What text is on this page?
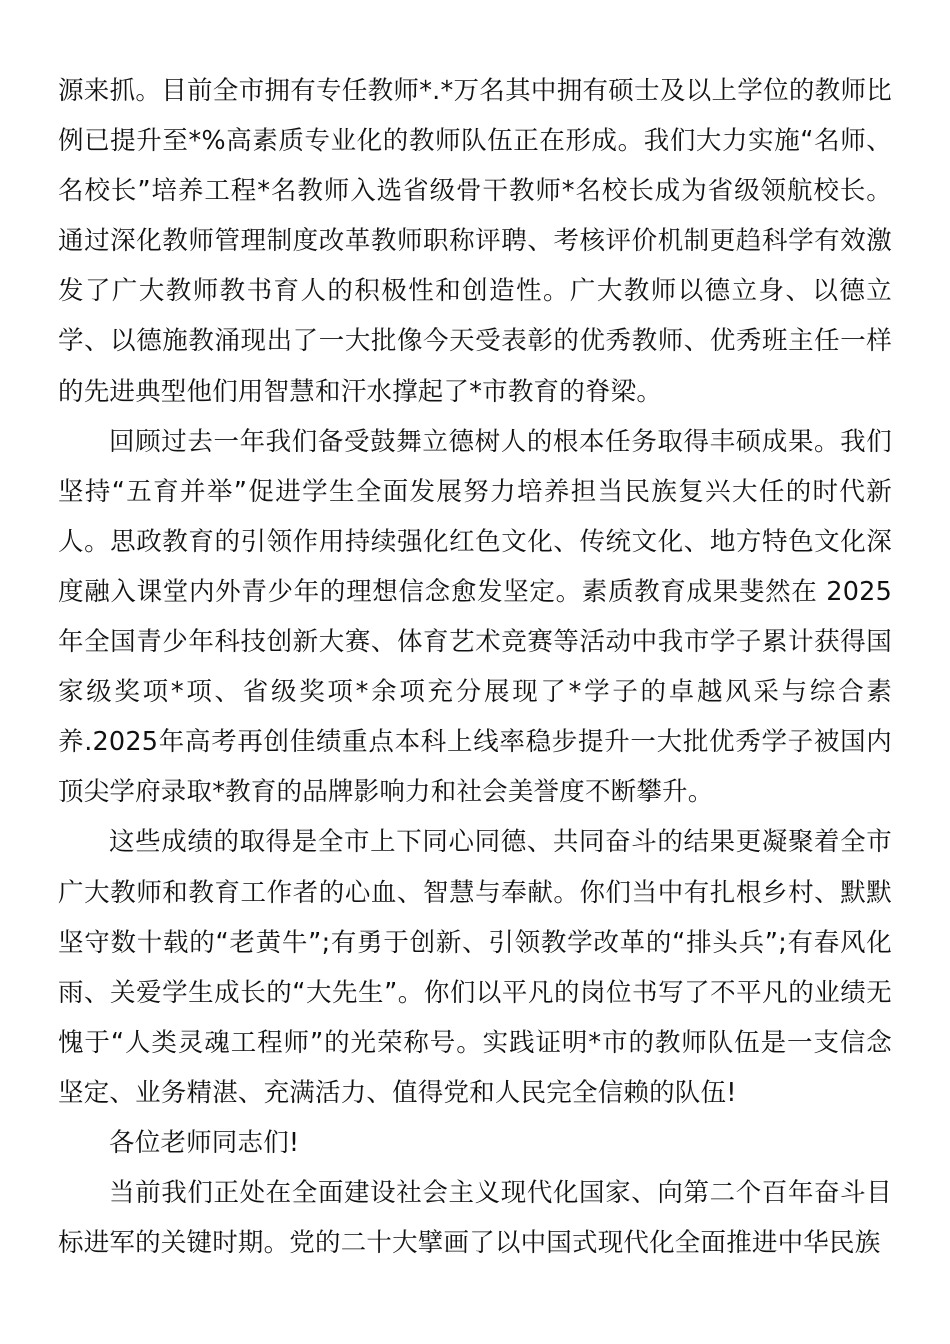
源来抓。目前全市拥有专任教师*.*万名其中拥有硕士及以上学位的教师比例已提升至*%高素质专业化的教师队伍正在形成。我们大力实施“名师、名校长”培养工程*名教师入选省级骨干教师*名校长成为省级领航校长。通过深化教师管理制度改革教师职称评聘、考核评价机制更趋科学有效激发了广大教师教书育人的积极性和创造性。广大教师以德立身、以德立学、以德施教涌现出了一大批像今天受表彰的优秀教师、优秀班主任一样的先进典型他们用智慧和汗水撑起了*市教育的脊梁。

回顾过去一年我们备受鼓舞立德树人的根本任务取得丰硕成果。我们坚持“五育并举”促进学生全面发展努力培养担当民族复兴大任的时代新人。思政教育的引领作用持续强化红色文化、传统文化、地方特色文化深度融入课堂内外青少年的理想信念愈发坚定。素质教育成果斐然在 2025 年全国青少年科技创新大赛、体育艺术竞赛等活动中我市学子累计获得国家级奖项*项、省级奖项*余项充分展现了*学子的卓越风采与综合素养.2025年高考再创佳绩重点本科上线率稳步提升一大批优秀学子被国内顶尖学府录取*教育的品牌影响力和社会美誉度不断攀升。

这些成绩的取得是全市上下同心同德、共同奋斗的结果更凝聚着全市广大教师和教育工作者的心血、智慧与奉献。你们当中有扎根乡村、默默坚守数十载的“老黄牛”;有勇于创新、引领教学改革的“排头兵”;有春风化雨、关爱学生成长的“大先生”。你们以平凡的岗位书写了不平凡的业绩无愧于“人类灵魂工程师”的光荣称号。实践证明*市的教师队伍是一支信念坚定、业务精湛、充满活力、值得党和人民完全信赖的队伍!

各位老师同志们!

当前我们正处在全面建设社会主义现代化国家、向第二个百年奋斗目标进军的关键时期。党的二十大擘画了以中国式现代化全面推进中华民族
